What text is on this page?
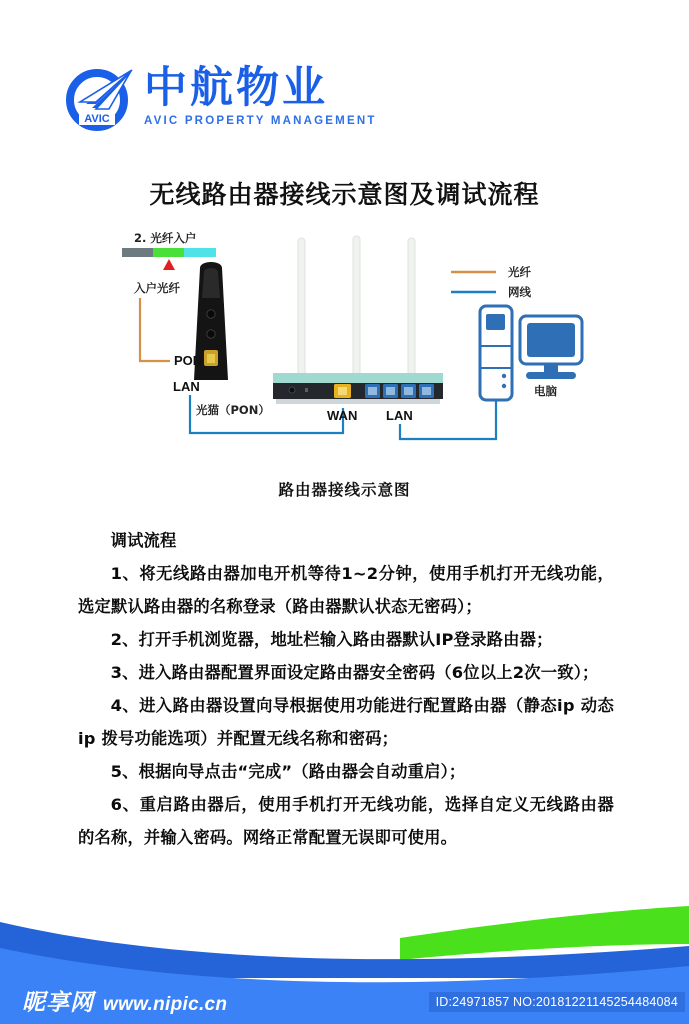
AVIC
中航物业
AVIC PROPERTY MANAGEMENT
无线路由器接线示意图及调试流程
2. 光纤入户
入户光纤
PON
LAN
光猫（PON）	WAN LAN
电脑
光纤
网线
路由器接线示意图

调试流程

1、将无线路由器加电开机等待1~2分钟，使用手机打开无线功能，选定默认路由器的名称登录（路由器默认状态无密码）；

2、打开手机浏览器，地址栏输入路由器默认IP登录路由器；

3、进入路由器配置界面设定路由器安全密码（6位以上2次一致）；

4、进入路由器设置向导根据使用功能进行配置路由器（静态ip 动态ip 拨号功能选项）并配置无线名称和密码；

5、根据向导点击“完成”（路由器会自动重启）；

6、重启路由器后，使用手机打开无线功能，选择自定义无线路由器的名称，并输入密码。网络正常配置无误即可使用。

昵享网 www.nipic.cn	ID:24971857 NO:20181221145254484084
